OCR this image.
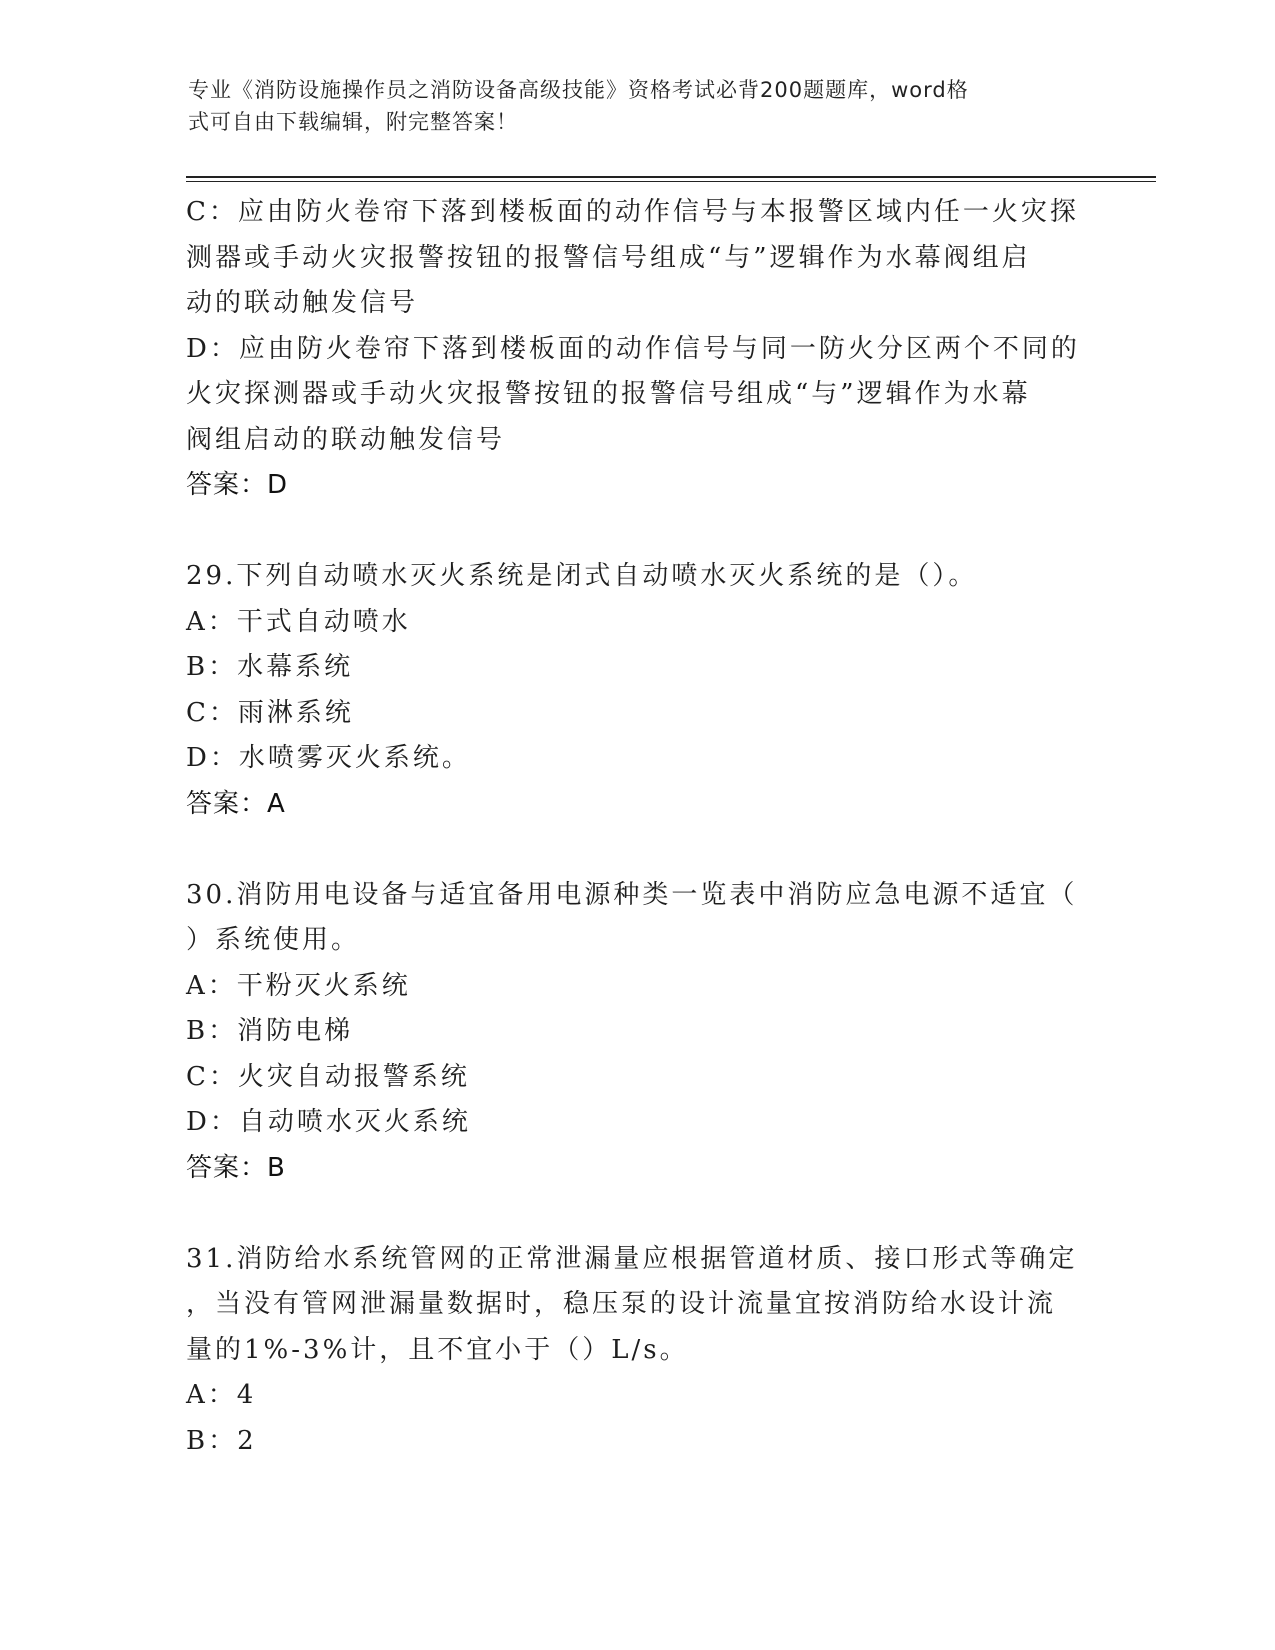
专业《消防设施操作员之消防设备高级技能》资格考试必背200题题库，word格
式可自由下载编辑，附完整答案！
C：应由防火卷帘下落到楼板面的动作信号与本报警区域内任一火灾探
测器或手动火灾报警按钮的报警信号组成“与”逻辑作为水幕阀组启
动的联动触发信号
D：应由防火卷帘下落到楼板面的动作信号与同一防火分区两个不同的
火灾探测器或手动火灾报警按钮的报警信号组成“与”逻辑作为水幕
阀组启动的联动触发信号
答案：D
29.下列自动喷水灭火系统是闭式自动喷水灭火系统的是（）。
A：干式自动喷水
B：水幕系统
C：雨淋系统
D：水喷雾灭火系统。
答案：A
30.消防用电设备与适宜备用电源种类一览表中消防应急电源不适宜（
）系统使用。
A：干粉灭火系统
B：消防电梯
C：火灾自动报警系统
D：自动喷水灭火系统
答案：B
31.消防给水系统管网的正常泄漏量应根据管道材质、接口形式等确定
，当没有管网泄漏量数据时，稳压泵的设计流量宜按消防给水设计流
量的1%-3%计，且不宜小于（）L/s。
A：4
B：2
